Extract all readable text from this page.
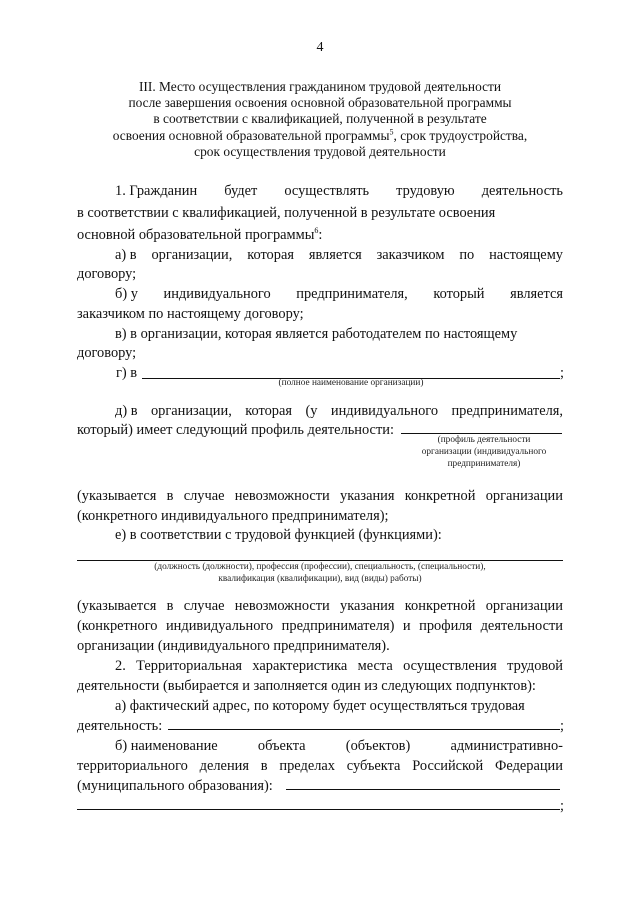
4
III. Место осуществления гражданином трудовой деятельности
после завершения освоения основной образовательной программы
в соответствии с квалификацией, полученной в результате
освоения основной образовательной программы$^5$, срок трудоустройства,
срок осуществления трудовой деятельности
1. Гражданин будет осуществлять трудовую деятельность
в соответствии с квалификацией, полученной в результате освоения
основной образовательной программы$^6$:
а) в организации, которая является заказчиком по настоящему
договору;
б) у индивидуального предпринимателя, который является
заказчиком по настоящему договору;
в) в организации, которая является работодателем по настоящему
договору;
г) в	;
(полное наименование организации)
д) в организации, которая (у индивидуального предпринимателя,
который) имеет следующий профиль деятельности:
(профиль деятельности
организации (индивидуального
предпринимателя)
(указывается в случае невозможности указания конкретной организации
(конкретного индивидуального предпринимателя);
е) в соответствии с трудовой функцией (функциями):
(должность (должности), профессия (профессии), специальность, (специальности),
квалификация (квалификации), вид (виды) работы)
(указывается в случае невозможности указания конкретной организации
(конкретного индивидуального предпринимателя) и профиля деятельности
организации (индивидуального предпринимателя).
2. Территориальная характеристика места осуществления трудовой
деятельности (выбирается и заполняется один из следующих подпунктов):
а) фактический адрес, по которому будет осуществляться трудовая
деятельность:	;
б) наименование	объекта	(объектов)	административно-
территориального деления в пределах субъекта Российской Федерации
(муниципального образования):
;
